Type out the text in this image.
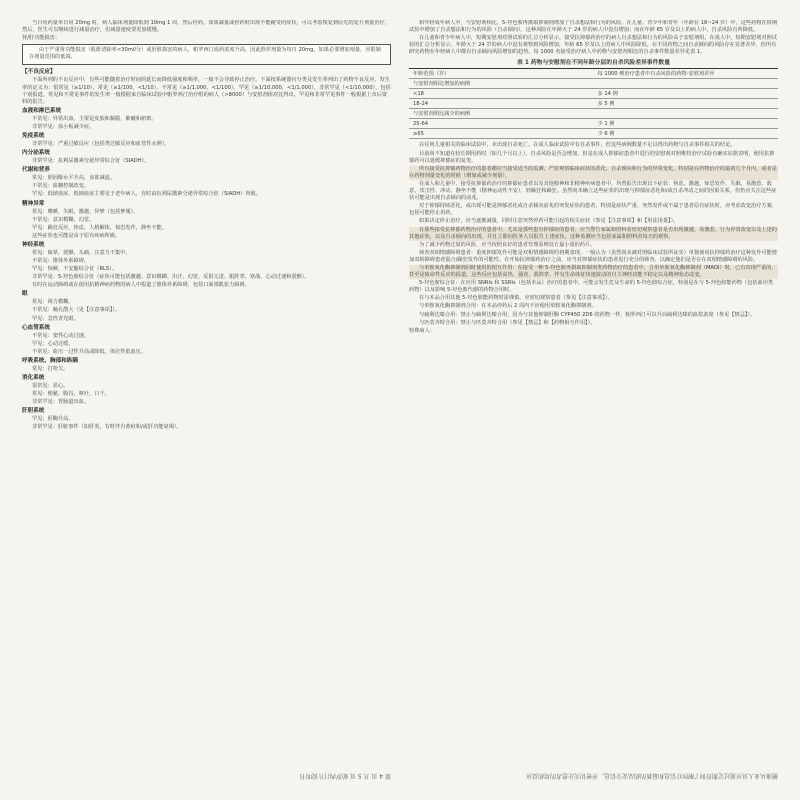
当日用药量单日用 20mg 时，病人临床剂量降低到 10mg 1 周，然后停药。如果减量或停药时出现不能耐受的症状，可以考虑恢复到原先的处方剂量治疗。然后，医生可以继续进行减量治疗，但减量速度要更加缓慢。

肾/肝功能损害：

由于严重肾功能损害（肌酐清除率<30ml/分）或肝脏损害的病人，帕罗西汀血药浓度升高，因此推荐剂量为每日 20mg，如果必要增加剂量，应限制在剂量范围的低端。

【不良反应】

下面所列的不良反应中，有些可能随着治疗时间的延长而降低强度和频率，一般不会导致停止治疗。下面按系统器官分类及发生率列出了药物不良反应。发生率的定义为：很常见（≥1/10），常见（≥1/100，<1/10），不常见（≥1/1,000，<1/100），罕见（≥1/10,000，<1/1,000），非常罕见（<1/10,000），包括个别报道。常见和不常见事件的发生率一般根据来自临床试验中帕罗西汀治疗组的病人（>8000）与安慰剂组对比得出。罕见和非常罕见事件一般根据上市后资料的报告。

血液和淋巴系统

不常见：异常出血，主要是皮肤和黏膜，紫癜和瘀斑。

非常罕见：血小板减少症。

免疫系统

非常罕见：严重过敏反应（包括类过敏反应和血管性水肿）。

内分泌系统

非常罕见：抗利尿激素分泌异常综合征（SIADH）。

代谢和营养

常见：胆固醇水平升高，食欲减退。

不常见：血糖控制改变。

罕见：低钠血症。低钠血症主要见于老年病人，有时由抗利尿激素分泌异常综合征（SIADH）所致。

精神异常

常见：嗜睡，失眠，激越，异梦（包括梦魇）。

不常见：意识模糊，幻觉。

罕见：躁狂反应，焦虑，人格解体，惊恐发作，静坐不能。

这些症状也可能是由于原有疾病所致。

神经系统

常见：眩晕，震颤，头痛，注意力不集中。

不常见：锥体外系障碍。

罕见：惊厥，不安腿综合征（RLS）。

非常罕见：5-羟色胺综合征（症状可能包括激越、意识模糊、出汗、幻觉、反射亢进、肌阵挛、寒战、心动过速和震颤）。

有时在运动障碍或在使用抗精神病药物的病人中报道了锥体外系障碍，包括口面部肌张力障碍。

眼

常见：视力模糊。

不常见：瞳孔散大（见【注意事项】）。

罕见：急性青光眼。

心血管系统

不常见：窦性心动过速。

罕见：心动过缓。

不常见：血压一过性升高或降低，体位性低血压。

呼吸系统、胸部和纵隔

常见：打哈欠。

消化系统

很常见：恶心。

常见：便秘，腹泻，呕吐，口干。

非常罕见：胃肠道出血。

肝胆系统

罕见：肝酶升高。

非常罕见：肝脏事件（如肝炎，有时伴有黄疸和/或肝功能衰竭）。

第 4 页 共 5 页 帕罗西汀片说明书

和年轻成年病人中，与安慰剂相比，5-羟色胺再摄取抑制剂增加了自杀想法和行为的风险。在儿童、青少年和青年（年龄在 18~24 岁）中，这些药物在短期试验中增加了自杀想法和行为的风险（自杀倾向）。这种风险在年龄大于 24 岁的病人中没有增加；而在年龄 65 岁及以上的病人中，自杀风险有所降低。

在儿童和青少年病人中，短期安慰剂对照试验的汇总分析显示，接受抗抑郁药治疗的病人自杀想法和行为的风险高于安慰剂组。在成人中，短期安慰剂对照试验的汇总分析显示，年龄大于 24 岁的病人中没有观察到风险增加，年龄 65 岁及以上的病人中风险降低。在不同药物之间自杀倾向的风险存在显著差异，但所有研究药物在年轻病人中都有自杀倾向风险增加的趋势。每 1000 名接受治疗病人中药物与安慰剂相比的自杀事件数量差异见表 1。

表 1 药物与安慰剂在不同年龄分层的自杀风险差异事件数量
年龄范围（岁）	每 1000 例治疗患者中自杀风险的药物-安慰剂差异
与安慰剂相比增加的病例	
<18	多 14 例
18-24	多 5 例
与安慰剂相比减少的病例	
25-64	少 1 例
≥65	少 6 例

在任何儿童相关的临床试验中，未出现自杀死亡。在成人临床试验中有自杀事件，但这些病例数量不足以得出药物与自杀事件相关的结论。

目前尚不知道在较长期用药时（如几个月以上），自杀风险是否会增加。但是在成人抑郁症患者中进行的安慰剂对照维持治疗试验有确实证据表明，使用抗抑郁药可以延缓抑郁症的复发。

所有接受抗抑郁药物治疗的患者都应当接受适当的监测，严密观察临床症状的恶化、自杀倾向和行为的异常变化，特别是在药物治疗的最初几个月内，或者是在药物剂量变化的时候（增加或减少剂量）。

在成人和儿童中，接受抗抑郁药治疗的抑郁症患者以及其他精神和非精神疾病患者中，均曾报告出现以下症状：焦虑、激越、惊恐发作、失眠、易激惹、敌意、攻击性、冲动、静坐不能（精神运动性不安）、轻躁狂和躁狂。虽然尚未确立这些症状的出现与抑郁症恶化和/或自杀冲动之间的因果关系，但仍应关注这些症状可能是出现自杀倾向的前兆。

对于抑郁持续恶化，或出现可能是抑郁恶化或自杀倾向前兆的突发症状的患者，特别是症状严重、突然发作或不属于患者原有症状时，应考虑改变治疗方案，包括可能停止用药。

如果决定停止治疗，应当逐渐减量，同时注意突然停药可能引起的相关症状（参见【注意事项】和【用法用量】）。

在那些接受抗抑郁药物治疗的患者中，尤其是那些患有抑郁症的患者，应当警告家属和照料者密切观察患者是否出现激越、易激惹、行为异常改变以及上述的其他症状，以及自杀倾向的出现，并且立即向医务人员报告上述症状。这种监测应当包括家属和照料者每天的观察。

为了减少药物过量的风险，应当按照良好的患者管理原则处方最小量的药片。

筛查双相情感障碍患者：重度抑郁发作可能是双相情感障碍的初期表现。一般认为（虽然尚未被对照临床试验所证实）单独使用抗抑郁药治疗这种发作可能增加双相障碍患者混合/躁狂发作的可能性。在开始抗抑郁药治疗之前，应当对抑郁症状的患者进行充分的筛查，以确定他们是否存在双相情感障碍的风险。

与单胺氧化酶抑制剂同时使用的相互作用：在接受一种 5-羟色胺再摄取抑制剂类药物治疗的患者中，合用单胺氧化酶抑制剂（MAOI）时，已有出现严重的、甚至是致命性反应的报道。这些反应包括高热、强直、肌阵挛、伴有生命体征快速波动的自主神经功能不稳定以及精神状态改变。

5-羟色胺综合征：在应用 SNRIs 和 SSRIs（包括本品）治疗的患者中，可能会发生危及生命的 5-羟色胺综合征，特别是在与 5-羟色胺能药物（包括曲坦类药物）以及影响 5-羟色胺代谢的药物合用时。

在与本品合用其他 5-羟色胺能药物时需谨慎，应密切观察患者（参见【注意事项】）。

与单胺氧化酶抑制剂合用：在本品停药后 2 周内不应使用单胺氧化酶抑制剂。

与硫利达嗪合用：禁止与硫利达嗪合用，因为与其他抑制肝酶 CYP450 2D6 的药物一样，帕罗西汀可以升高硫利达嗪的血浆浓度（参见【禁忌】）。

与匹莫齐特合用：禁止与匹莫齐特合用（参见【禁忌】和【药物相互作用】）。

特殊病人：

健康从业人员应通过定期咨询了解医疗信息和最新的药品安全信息，并密切关注患者的用药反应
